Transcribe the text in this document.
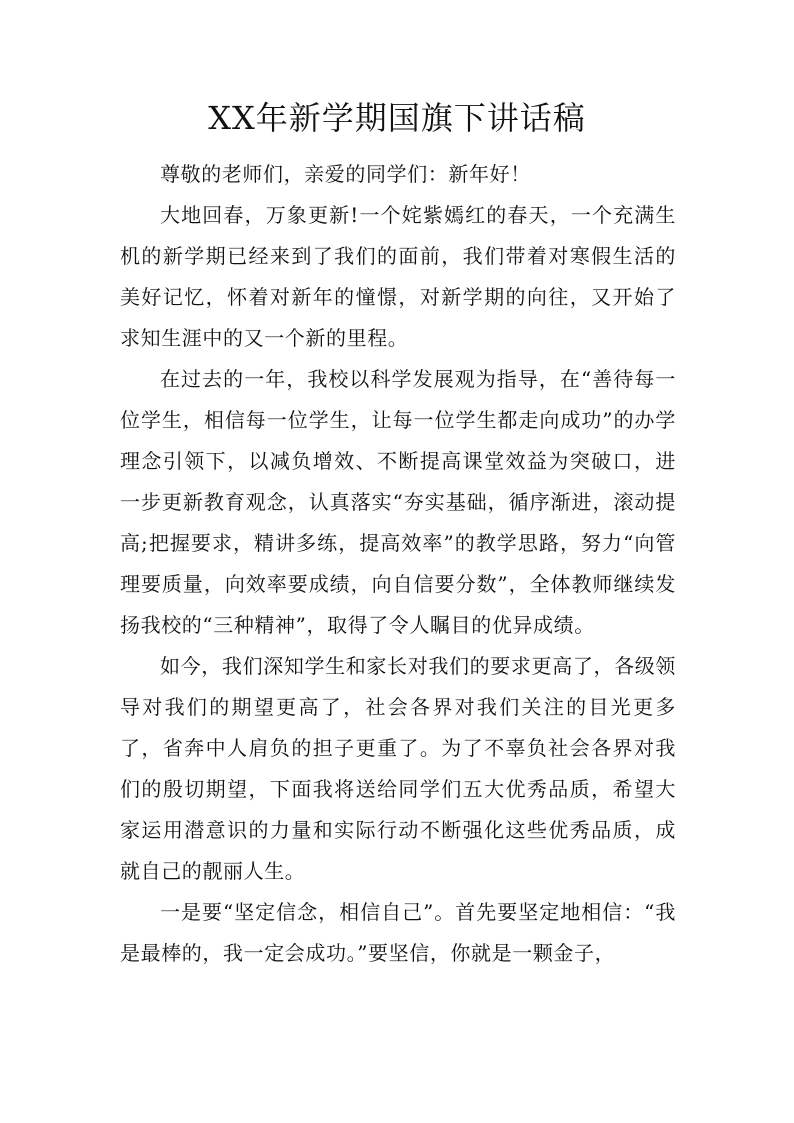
XX年新学期国旗下讲话稿

尊敬的老师们，亲爱的同学们：新年好！

大地回春，万象更新!一个姹紫嫣红的春天，一个充满生机的新学期已经来到了我们的面前，我们带着对寒假生活的美好记忆，怀着对新年的憧憬，对新学期的向往，又开始了求知生涯中的又一个新的里程。

在过去的一年，我校以科学发展观为指导，在“善待每一位学生，相信每一位学生，让每一位学生都走向成功”的办学理念引领下，以减负增效、不断提高课堂效益为突破口，进一步更新教育观念，认真落实“夯实基础，循序渐进，滚动提高;把握要求，精讲多练，提高效率”的教学思路，努力“向管理要质量，向效率要成绩，向自信要分数”，全体教师继续发扬我校的“三种精神”，取得了令人瞩目的优异成绩。

如今，我们深知学生和家长对我们的要求更高了，各级领导对我们的期望更高了，社会各界对我们关注的目光更多了，省奔中人肩负的担子更重了。为了不辜负社会各界对我们的殷切期望，下面我将送给同学们五大优秀品质，希望大家运用潜意识的力量和实际行动不断强化这些优秀品质，成就自己的靓丽人生。

一是要“坚定信念，相信自己”。首先要坚定地相信：“我是最棒的，我一定会成功。”要坚信，你就是一颗金子，
